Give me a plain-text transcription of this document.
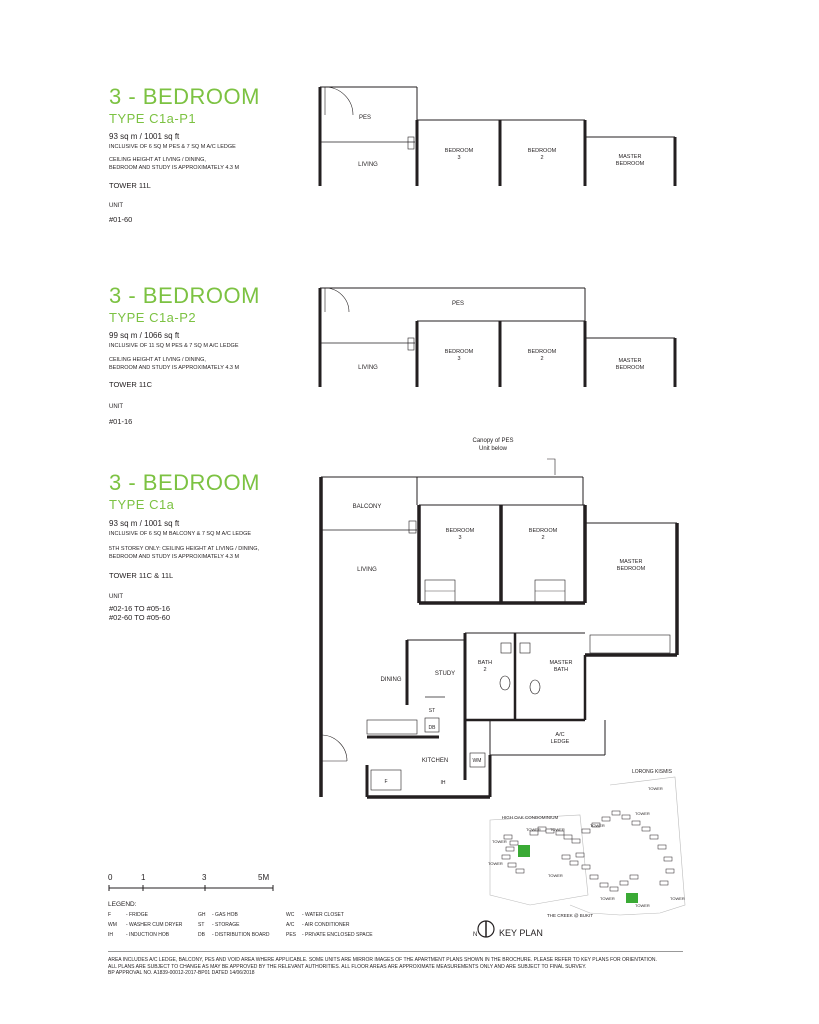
3 - BEDROOM
TYPE C1a-P1
93 sq m / 1001 sq ft
INCLUSIVE OF 6 SQ M PES & 7 SQ M A/C LEDGE
CEILING HEIGHT AT LIVING / DINING,
BEDROOM AND STUDY IS APPROXIMATELY 4.3 M
TOWER 11L
UNIT
#01-60
3 - BEDROOM
TYPE C1a-P2
99 sq m / 1066 sq ft
INCLUSIVE OF 11 SQ M PES & 7 SQ M A/C LEDGE
CEILING HEIGHT AT LIVING / DINING,
BEDROOM AND STUDY IS APPROXIMATELY 4.3 M
TOWER 11C
UNIT
#01-16
3 - BEDROOM
TYPE C1a
93 sq m / 1001 sq ft
INCLUSIVE OF 6 SQ M BALCONY & 7 SQ M A/C LEDGE
5TH STOREY ONLY: CEILING HEIGHT AT LIVING / DINING,
BEDROOM AND STUDY IS APPROXIMATELY 4.3 M
TOWER 11C & 11L
UNIT
#02-16 TO #05-16
#02-60 TO #05-60
PES
LIVING
BEDROOM 3
BEDROOM 2	MASTER BEDROOM
PES
LIVING
BEDROOM 3
BEDROOM 2	MASTER BEDROOM
Canopy of PES Unit below
BALCONY
LIVING
BEDROOM 3
BEDROOM 2
MASTER BEDROOM
DINING
STUDY
BATH 2
MASTER BATH
ST
DB
A/C LEDGE
KITCHEN	WM
F	IH
0	1	3	5M
LEGEND:
F	- FRIDGE
WM - WASHER CUM DRYER
IH	- INDUCTION HOB
GH - GAS HOB
ST - STORAGE
DB - DISTRIBUTION BOARD
WC - WATER CLOSET
A/C - AIR CONDITIONER
PES - PRIVATE ENCLOSED SPACE
LORONG KISMIS
HIGH OAK CONDOMINIUM
TOWER TOWER
TOWER
TOWER
TOWER
TOWER
TOWER
TOWER
TOWER
TOWER
TOWER
THE CREEK @ BUKIT
N KEY PLAN
AREA INCLUDES A/C LEDGE, BALCONY, PES AND VOID AREA WHERE APPLICABLE. SOME UNITS ARE MIRROR IMAGES OF THE APARTMENT PLANS SHOWN IN THE BROCHURE. PLEASE REFER TO KEY PLANS FOR ORIENTATION.
ALL PLANS ARE SUBJECT TO CHANGE AS MAY BE APPROVED BY THE RELEVANT AUTHORITIES. ALL FLOOR AREAS ARE APPROXIMATE MEASUREMENTS ONLY AND ARE SUBJECT TO FINAL SURVEY.
BP APPROVAL NO. A1839-00012-2017-BP01 DATED 14/06/2018
